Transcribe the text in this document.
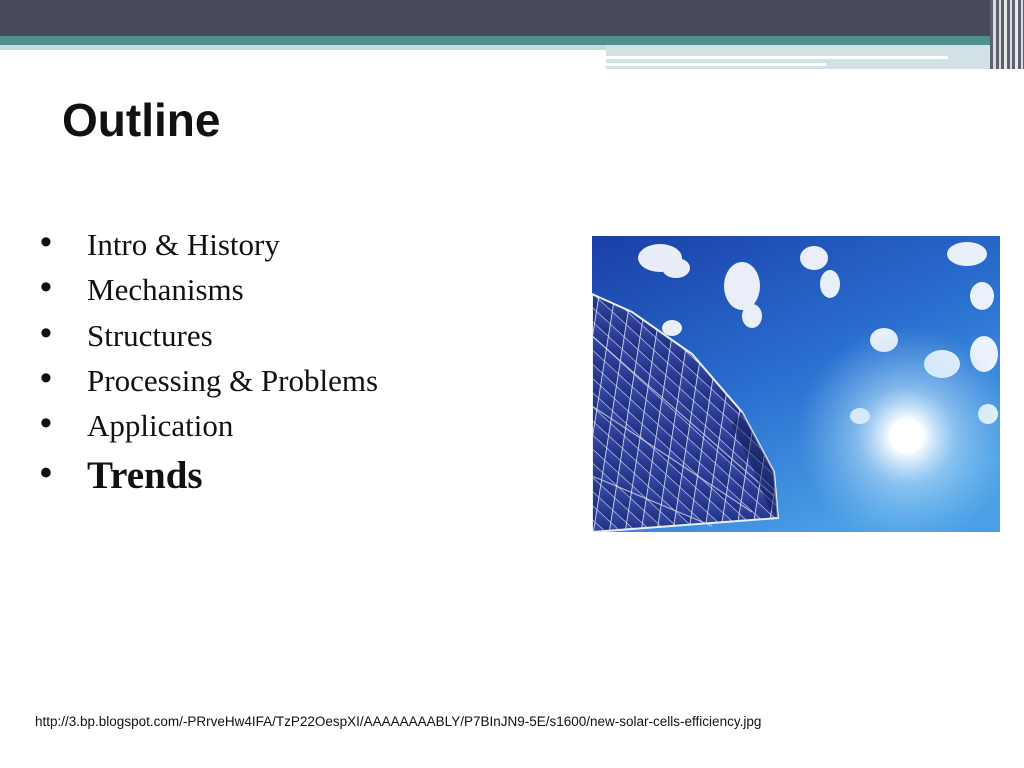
Outline
• Intro & History
• Mechanisms
• Structures
• Processing & Problems
• Application
• Trends
http://3.bp.blogspot.com/-PRrveHw4IFA/TzP22OespXI/AAAAAAAABLY/P7BInJN9-5E/s1600/new-solar-cells-efficiency.jpg
